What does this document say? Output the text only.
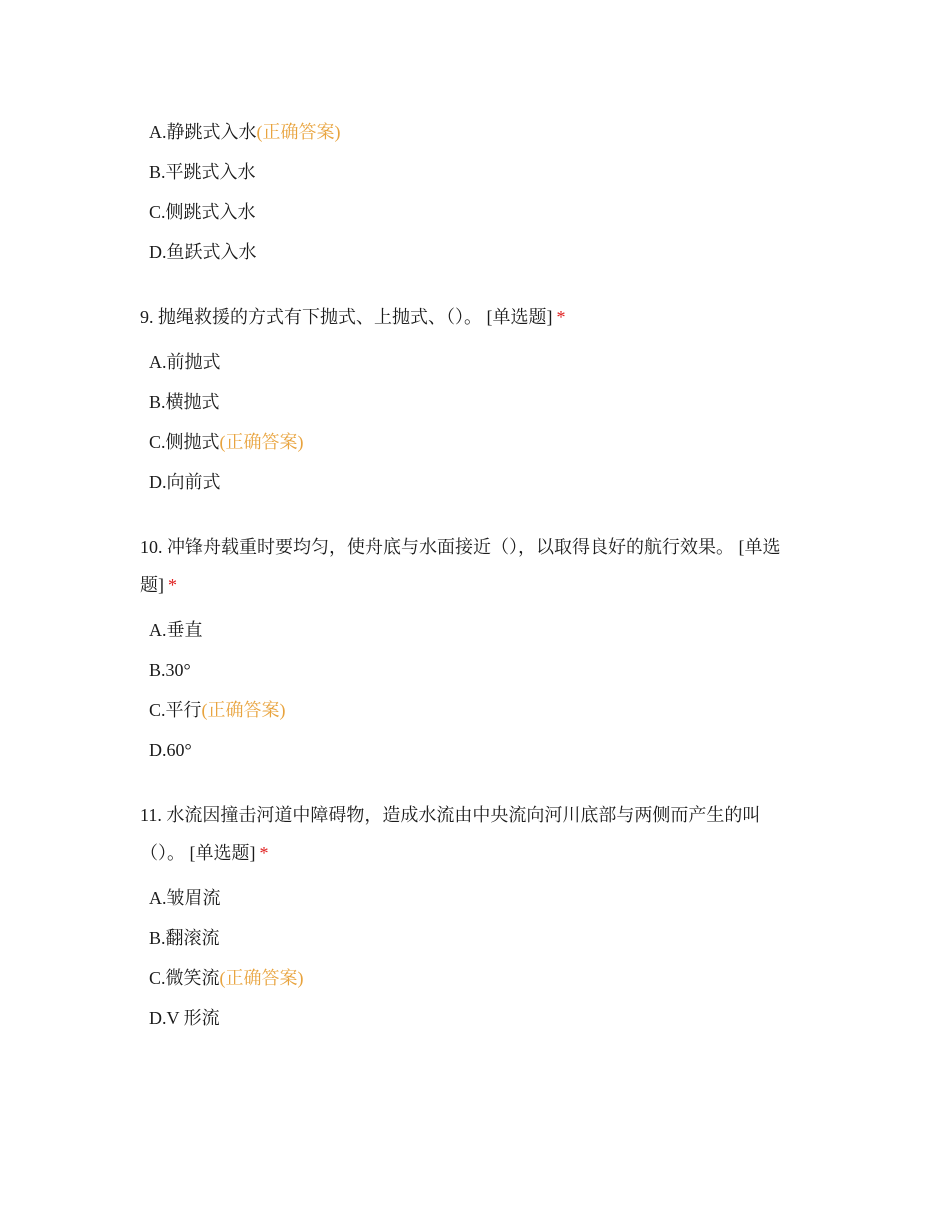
A.静跳式入水(正确答案)
B.平跳式入水
C.侧跳式入水
D.鱼跃式入水
9. 抛绳救援的方式有下抛式、上抛式、（）。 [单选题] *
A.前抛式
B.横抛式
C.侧抛式(正确答案)
D.向前式
10. 冲锋舟载重时要均匀，使舟底与水面接近（），以取得良好的航行效果。 [单选题] *
A.垂直
B.30°
C.平行(正确答案)
D.60°
11. 水流因撞击河道中障碍物，造成水流由中央流向河川底部与两侧而产生的叫（）。 [单选题] *
A.皱眉流
B.翻滚流
C.微笑流(正确答案)
D.V 形流
